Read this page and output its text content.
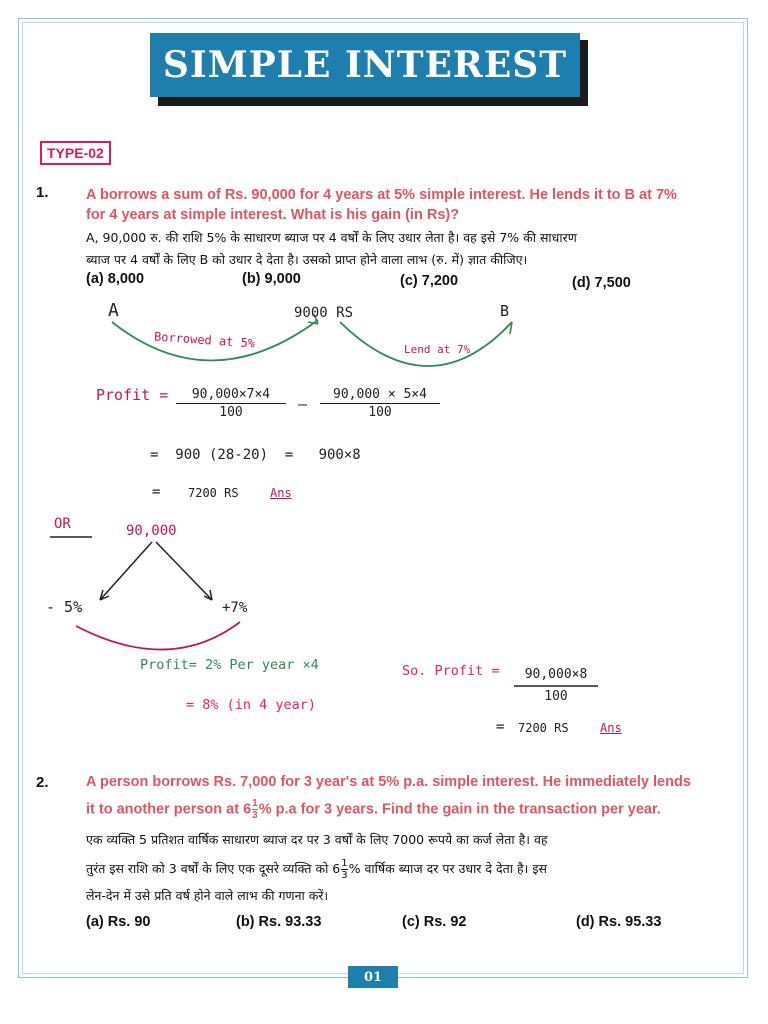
SIMPLE INTEREST
TYPE-02
1.	A borrows a sum of Rs. 90,000 for 4 years at 5% simple interest. He lends it to B at 7%
for 4 years at simple interest. What is his gain (in Rs)?
A, 90,000 रु. की राशि 5% के साधारण ब्याज पर 4 वर्षों के लिए उधार लेता है। वह इसे 7% की साधारण
ब्याज पर 4 वर्षों के लिए B को उधार दे देता है। उसको प्राप्त होने वाला लाभ (रु. में) ज्ञात कीजिए।
(a) 8,000	(b) 9,000	(c) 7,200	(d) 7,500
A	9000 RS	B
Borrowed at 5%	Lend at 7%
Profit = $\frac{90,000\times 7\times 4}{100} - \frac{90,000 \times 5\times 4}{100}$
=  900 (28-20)  =   900×8
= 7200 RS	Ans
OR	90,000
- 5%	+7%
Profit= 2% Per year ×4
= 8% (in 4 year)
So. Profit =	90,000×8
100
= 7200 RS	Ans
2.	A person borrows Rs. 7,000 for 3 year's at 5% p.a. simple interest. He immediately lends
it to another person at $6 \frac{1}{3}$ % p.a for 3 years. Find the gain in the transaction per year.
एक व्यक्ति 5 प्रतिशत वार्षिक साधारण ब्याज दर पर 3 वर्षों के लिए 7000 रूपये का कर्ज लेता है। वह
तुरंत इस राशि को 3 वर्षों के लिए एक दूसरे व्यक्ति को $6 \frac{1}{3}$ % वार्षिक ब्याज दर पर उधार दे देता है। इस
लेन-देन में उसे प्रति वर्ष होने वाले लाभ की गणना करें।
(a) Rs. 90	(b) Rs. 93.33	(c) Rs. 92	(d) Rs. 95.33
01
